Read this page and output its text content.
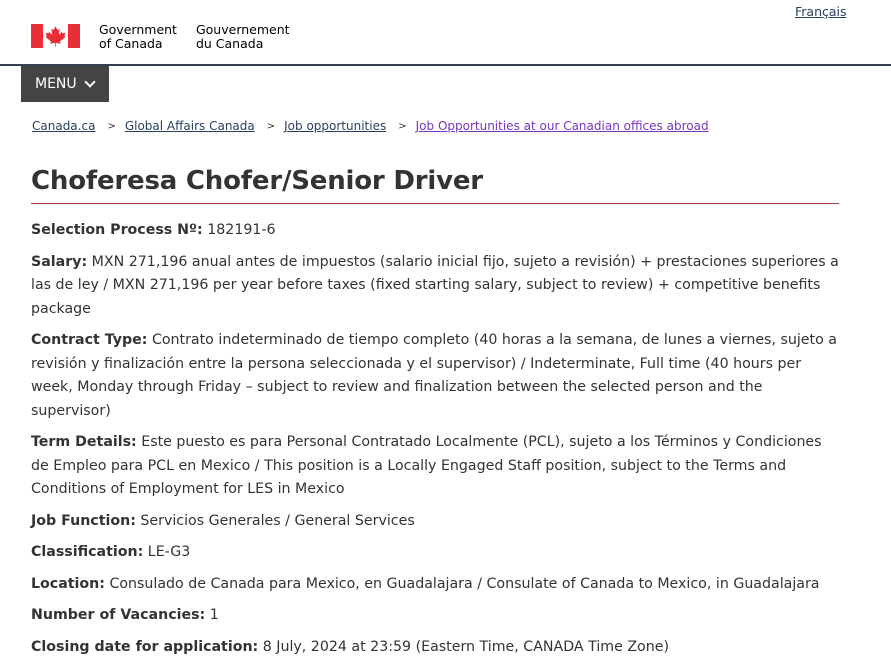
Français
Government
of Canada
Gouvernement
du Canada
MENU
Canada.ca > Global Affairs Canada > Job opportunities > Job Opportunities at our Canadian offices abroad
Choferesa Chofer/Senior Driver

Selection Process Nº: 182191-6

Salary: MXN 271,196 anual antes de impuestos (salario inicial fijo, sujeto a revisión) + prestaciones superiores a las de ley / MXN 271,196 per year before taxes (fixed starting salary, subject to review) + competitive benefits package

Contract Type: Contrato indeterminado de tiempo completo (40 horas a la semana, de lunes a viernes, sujeto a revisión y finalización entre la persona seleccionada y el supervisor) / Indeterminate, Full time (40 hours per week, Monday through Friday – subject to review and finalization between the selected person and the supervisor)

Term Details: Este puesto es para Personal Contratado Localmente (PCL), sujeto a los Términos y Condiciones de Empleo para PCL en Mexico / This position is a Locally Engaged Staff position, subject to the Terms and Conditions of Employment for LES in Mexico

Job Function: Servicios Generales / General Services

Classification: LE-G3

Location: Consulado de Canada para Mexico, en Guadalajara / Consulate of Canada to Mexico, in Guadalajara

Number of Vacancies: 1

Closing date for application: 8 July, 2024 at 23:59 (Eastern Time, CANADA Time Zone)
